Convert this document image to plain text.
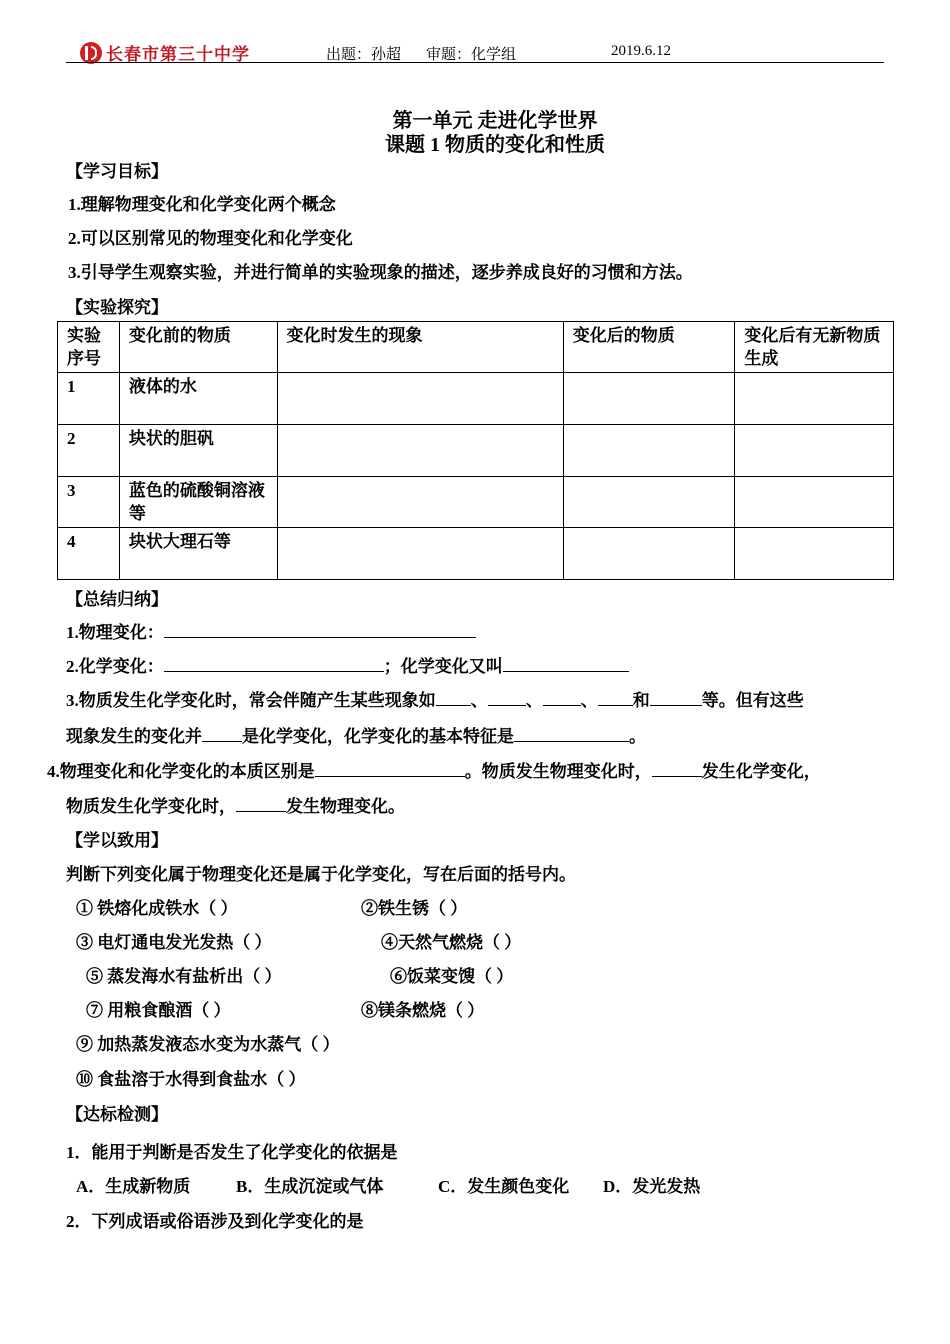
长春市第三十中学	出题：孙超 审题：化学组	2019.6.12
第一单元 走进化学世界
课题 1 物质的变化和性质
【学习目标】
1.理解物理变化和化学变化两个概念
2.可以区别常见的物理变化和化学变化
3.引导学生观察实验，并进行简单的实验现象的描述，逐步养成良好的习惯和方法。
【实验探究】
实验序号	变化前的物质	变化时发生的现象	变化后的物质	变化后有无新物质生成
1	液体的水			
2	块状的胆矾			
3	蓝色的硫酸铜溶液等			
4	块状大理石等			
【总结归纳】
1.物理变化：
2.化学变化：	；化学变化又叫
3.物质发生化学变化时，常会伴随产生某些现象如 、 、 、 和	等。但有这些
现象发生的变化并 是化学变化，化学变化的基本特征是	。
4.物理变化和化学变化的本质区别是	。物质发生物理变化时，	发生化学变化，
物质发生化学变化时，	发生物理变化。
【学以致用】
判断下列变化属于物理变化还是属于化学变化，写在后面的括号内。
① 铁熔化成铁水（ ）	②铁生锈（ ）
③ 电灯通电发光发热（ ）	④天然气燃烧（ ）
⑤ 蒸发海水有盐析出（ ）	⑥饭菜变馊（ ）
⑦ 用粮食酿酒（ ）	⑧镁条燃烧（ ）
⑨ 加热蒸发液态水变为水蒸气（ ）
⑩ 食盐溶于水得到食盐水（ ）
【达标检测】
1．能用于判断是否发生了化学变化的依据是
A．生成新物质	B．生成沉淀或气体	C．发生颜色变化 D．发光发热
2．下列成语或俗语涉及到化学变化的是
